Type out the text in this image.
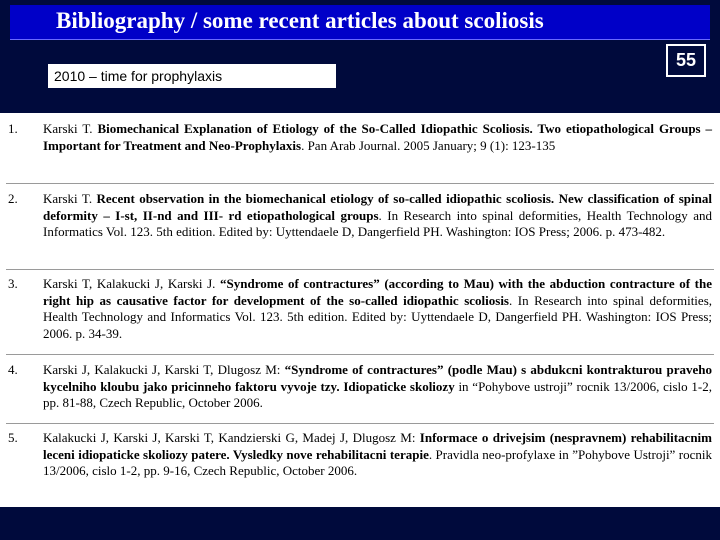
Bibliography / some recent articles about scoliosis
55
2010 – time for prophylaxis
1. Karski T. Biomechanical Explanation of Etiology of the So-Called Idiopathic Scoliosis. Two etiopathological Groups – Important for Treatment and Neo-Prophylaxis. Pan Arab Journal. 2005 January; 9 (1): 123-135
2. Karski T. Recent observation in the biomechanical etiology of so-called idiopathic scoliosis. New classification of spinal deformity – I-st, II-nd and III- rd etiopathological groups. In Research into spinal deformities, Health Technology and Informatics Vol. 123. 5th edition. Edited by: Uyttendaele D, Dangerfield PH. Washington: IOS Press; 2006. p. 473-482.
3. Karski T, Kalakucki J, Karski J. “Syndrome of contractures” (according to Mau) with the abduction contracture of the right hip as causative factor for development of the so-called idiopathic scoliosis. In Research into spinal deformities, Health Technology and Informatics Vol. 123. 5th edition. Edited by: Uyttendaele D, Dangerfield PH. Washington: IOS Press; 2006. p. 34-39.
4. Karski J, Kalakucki J, Karski T, Dlugosz M: “Syndrome of contractures” (podle Mau) s abdukcni kontrakturou praveho kycelniho kloubu jako pricinneho faktoru vyvoje tzy. Idiopaticke skoliozy in “Pohybove ustroji” rocnik 13/2006, cislo 1-2, pp. 81-88, Czech Republic, October 2006.
5. Kalakucki J, Karski J, Karski T, Kandzierski G, Madej J, Dlugosz M: Informace o drivejsim (nespravnem) rehabilitacnim leceni idiopaticke skoliozy patere. Vysledky nove rehabilitacni terapie. Pravidla neo-profylaxe in ”Pohybove Ustroji” rocnik 13/2006, cislo 1-2, pp. 9-16, Czech Republic, October 2006.
